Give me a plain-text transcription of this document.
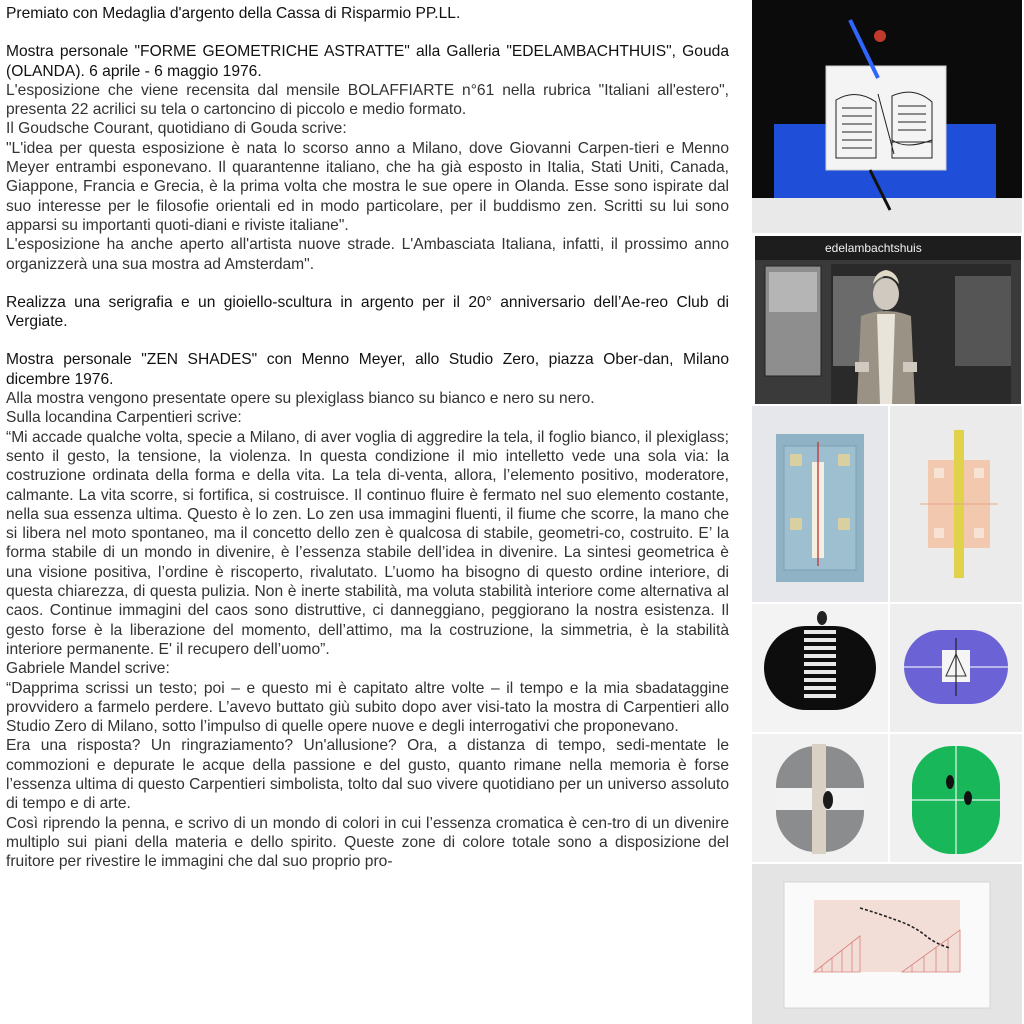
Premiato con Medaglia d'argento della Cassa di Risparmio PP.LL.

Mostra personale "FORME GEOMETRICHE ASTRATTE" alla Galleria "EDELAMBACHTHUIS", Gouda (OLANDA). 6 aprile - 6 maggio 1976.

L'esposizione che viene recensita dal mensile BOLAFFIARTE n°61 nella rubrica "Italiani all'estero", presenta 22 acrilici su tela o cartoncino di piccolo e medio formato.

Il Goudsche Courant, quotidiano di Gouda scrive:

"L'idea per questa esposizione è nata lo scorso anno a Milano, dove Giovanni Carpen-tieri e Menno Meyer entrambi esponevano. Il quarantenne italiano, che ha già esposto in Italia, Stati Uniti, Canada, Giappone, Francia e Grecia, è la prima volta che mostra le sue opere in Olanda. Esse sono ispirate dal suo interesse per le filosofie orientali ed in modo particolare, per il buddismo zen. Scritti su lui sono apparsi su importanti quoti-diani e riviste italiane".

L'esposizione ha anche aperto all'artista nuove strade. L'Ambasciata Italiana, infatti, il prossimo anno organizzerà una sua mostra ad Amsterdam".

Realizza una serigrafia e un gioiello-scultura in argento per il 20° anniversario dell’Ae-reo Club di Vergiate.

Mostra personale "ZEN SHADES" con Menno Meyer, allo Studio Zero, piazza Ober-dan, Milano dicembre 1976.

Alla mostra vengono presentate opere su plexiglass bianco su bianco e nero su nero.

Sulla locandina Carpentieri scrive:

“Mi accade qualche volta, specie a Milano, di aver voglia di aggredire la tela, il foglio bianco, il plexiglass; sento il gesto, la tensione, la violenza. In questa condizione il mio intelletto vede una sola via: la costruzione ordinata della forma e della vita. La tela di-venta, allora, l’elemento positivo, moderatore, calmante. La vita scorre, si fortifica, si costruisce. Il continuo fluire è fermato nel suo elemento costante, nella sua essenza ultima. Questo è lo zen. Lo zen usa immagini fluenti, il fiume che scorre, la mano che si libera nel moto spontaneo, ma il concetto dello zen è qualcosa di stabile, geometri-co, costruito. E’ la forma stabile di un mondo in divenire, è l’essenza stabile dell’idea in divenire. La sintesi geometrica è una visione positiva, l’ordine è riscoperto, rivalutato. L’uomo ha bisogno di questo ordine interiore, di questa chiarezza, di questa pulizia. Non è inerte stabilità, ma voluta stabilità interiore come alternativa al caos. Continue immagini del caos sono distruttive, ci danneggiano, peggiorano la nostra esistenza. Il gesto forse è la liberazione del momento, dell’attimo, ma la costruzione, la simmetria, è la stabilità interiore permanente. E' il recupero dell’uomo”.

Gabriele Mandel scrive:

“Dapprima scrissi un testo; poi – e questo mi è capitato altre volte – il tempo e la mia sbadataggine provvidero a farmelo perdere. L’avevo buttato giù subito dopo aver visi-tato la mostra di Carpentieri allo Studio Zero di Milano, sotto l’impulso di quelle opere nuove e degli interrogativi che proponevano.

Era una risposta? Un ringraziamento? Un'allusione? Ora, a distanza di tempo, sedi-mentate le commozioni e depurate le acque della passione e del gusto, quanto rimane nella memoria è forse l’essenza ultima di questo Carpentieri simbolista, tolto dal suo vivere quotidiano per un universo assoluto di tempo e di arte.

Così riprendo la penna, e scrivo di un mondo di colori in cui l’essenza cromatica è cen-tro di un divenire multiplo sui piani della materia e dello spirito. Queste zone di colore totale sono a disposizione del fruitore per rivestire le immagini che dal suo proprio pro-

edelambachtshuis
